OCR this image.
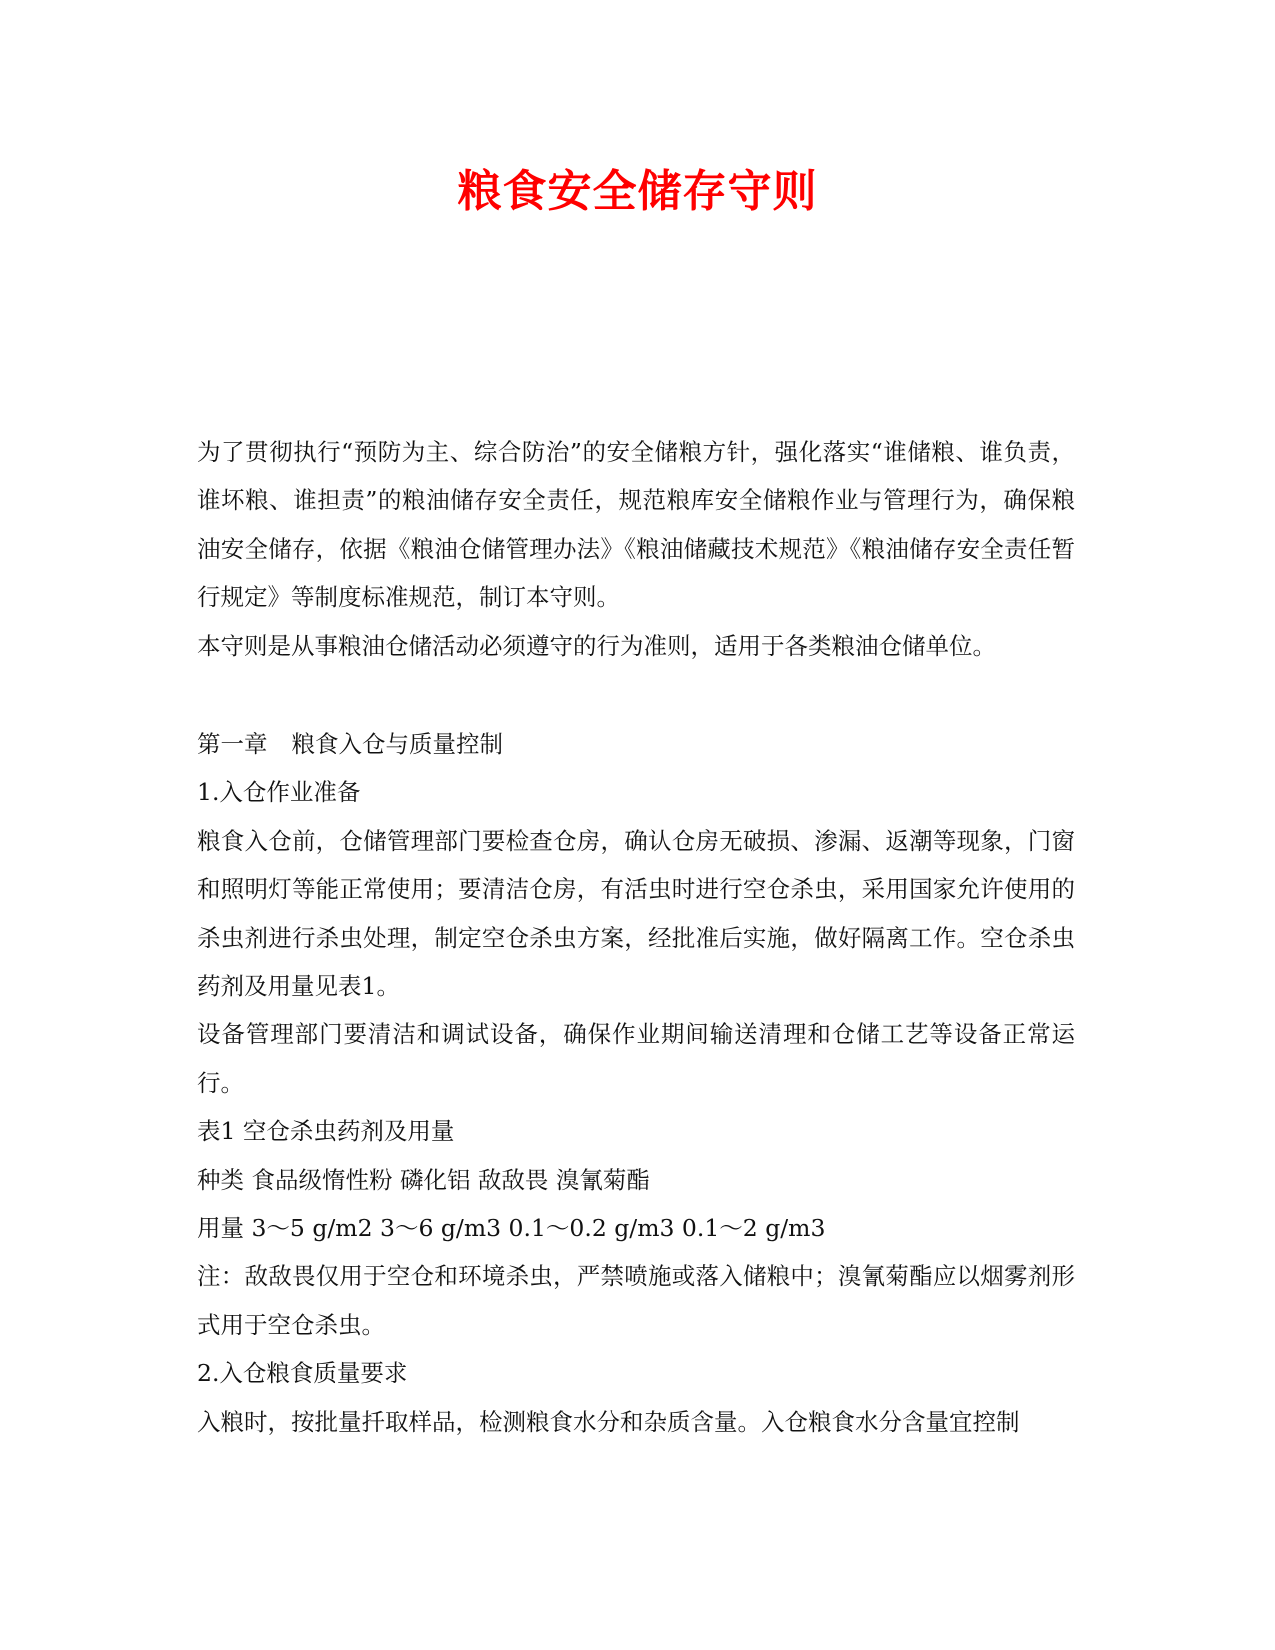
粮食安全储存守则

为了贯彻执行“预防为主、综合防治”的安全储粮方针，强化落实“谁储粮、谁负责，谁坏粮、谁担责”的粮油储存安全责任，规范粮库安全储粮作业与管理行为，确保粮油安全储存，依据《粮油仓储管理办法》《粮油储藏技术规范》《粮油储存安全责任暂行规定》等制度标准规范，制订本守则。

本守则是从事粮油仓储活动必须遵守的行为准则，适用于各类粮油仓储单位。

第一章 粮食入仓与质量控制

1.入仓作业准备

粮食入仓前，仓储管理部门要检查仓房，确认仓房无破损、渗漏、返潮等现象，门窗和照明灯等能正常使用；要清洁仓房，有活虫时进行空仓杀虫，采用国家允许使用的杀虫剂进行杀虫处理，制定空仓杀虫方案，经批准后实施，做好隔离工作。空仓杀虫药剂及用量见表1。

设备管理部门要清洁和调试设备，确保作业期间输送清理和仓储工艺等设备正常运行。

表1 空仓杀虫药剂及用量

种类 食品级惰性粉 磷化铝 敌敌畏 溴氰菊酯

用量 3～5 g/m2 3～6 g/m3 0.1～0.2 g/m3 0.1～2 g/m3

注：敌敌畏仅用于空仓和环境杀虫，严禁喷施或落入储粮中；溴氰菊酯应以烟雾剂形式用于空仓杀虫。

2.入仓粮食质量要求

入粮时，按批量扦取样品，检测粮食水分和杂质含量。入仓粮食水分含量宜控制
